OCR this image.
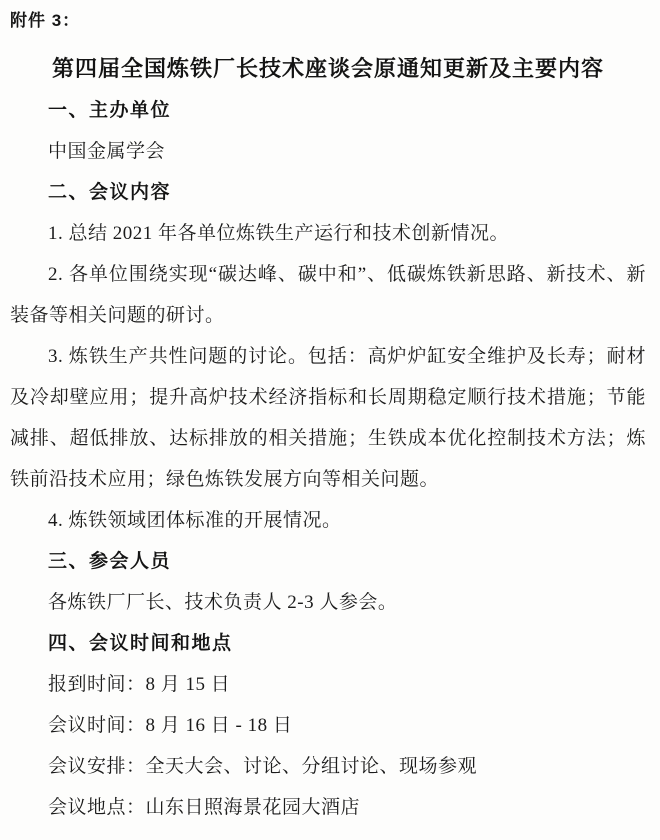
附件 3：
第四届全国炼铁厂长技术座谈会原通知更新及主要内容

一、主办单位

中国金属学会

二、会议内容

1. 总结 2021 年各单位炼铁生产运行和技术创新情况。

2. 各单位围绕实现“碳达峰、碳中和”、低碳炼铁新思路、新技术、新装备等相关问题的研讨。

3. 炼铁生产共性问题的讨论。包括：高炉炉缸安全维护及长寿；耐材及冷却壁应用；提升高炉技术经济指标和长周期稳定顺行技术措施；节能减排、超低排放、达标排放的相关措施；生铁成本优化控制技术方法；炼铁前沿技术应用；绿色炼铁发展方向等相关问题。

4. 炼铁领域团体标准的开展情况。

三、参会人员

各炼铁厂厂长、技术负责人 2-3 人参会。

四、会议时间和地点

报到时间：8 月 15 日

会议时间：8 月 16 日 - 18 日

会议安排：全天大会、讨论、分组讨论、现场参观

会议地点：山东日照海景花园大酒店
